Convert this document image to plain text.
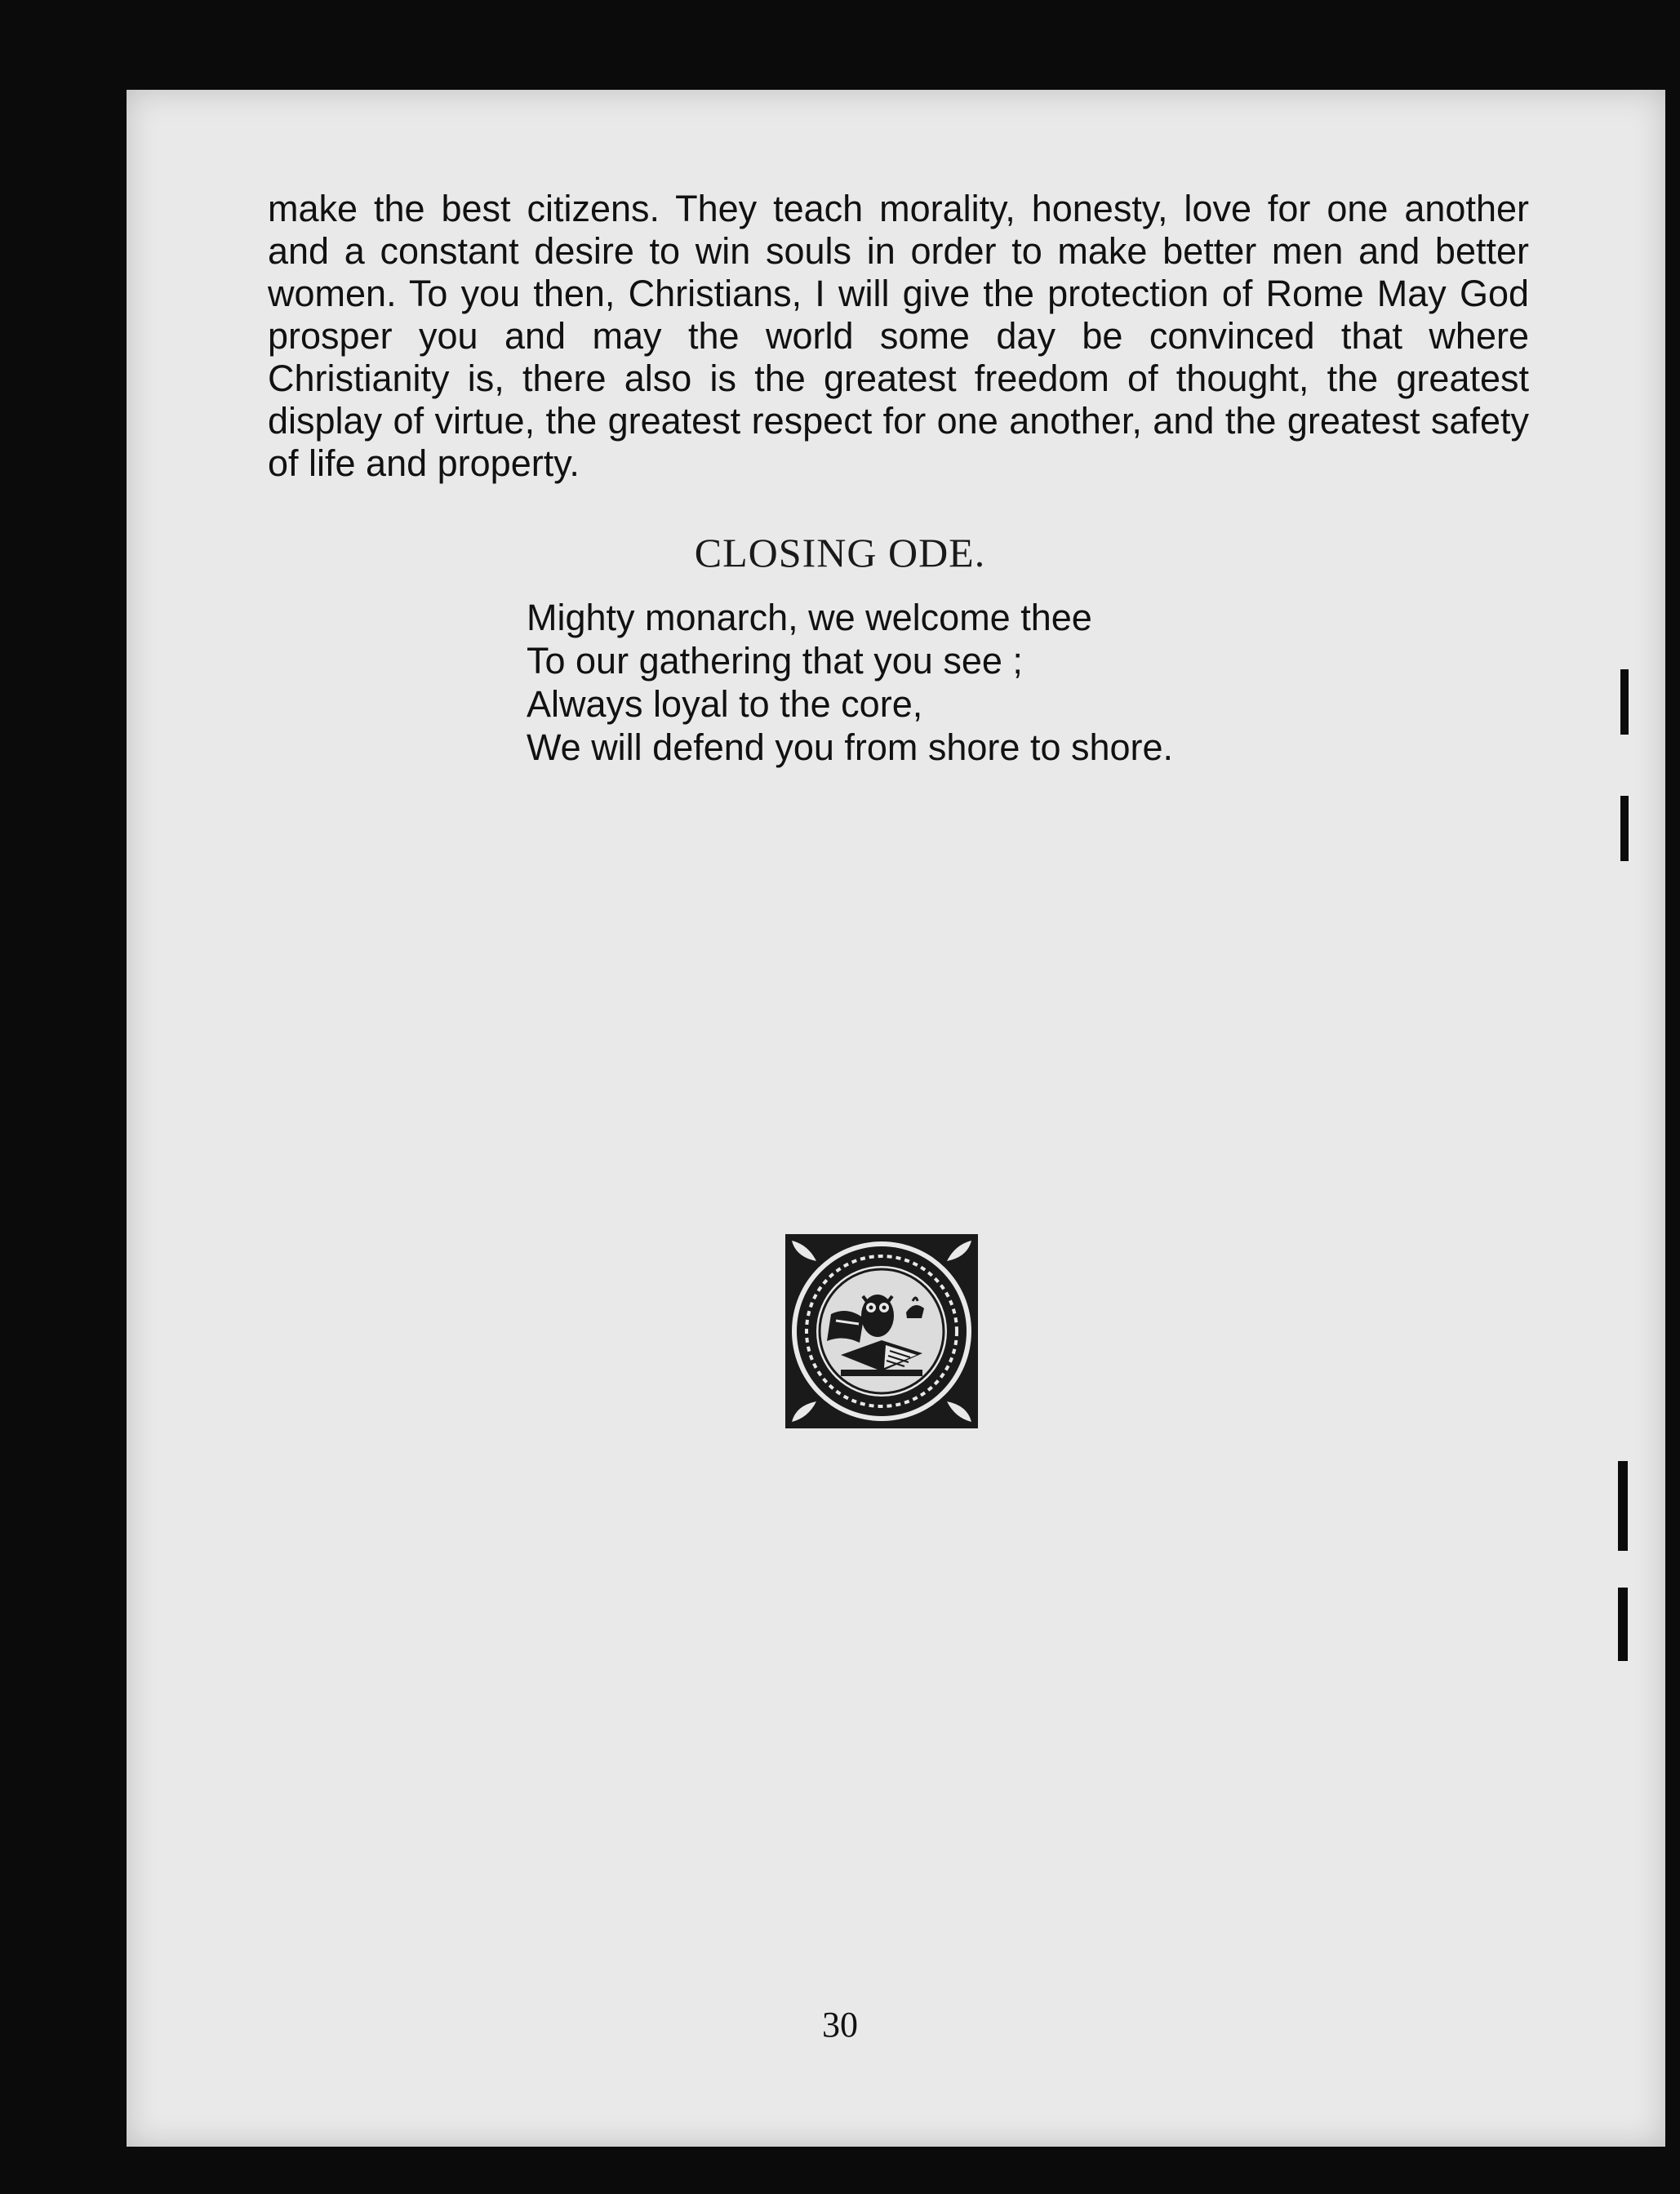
make the best citizens. They teach morality, honesty, love for one another and a constant desire to win souls in order to make better men and better women. To you then, Christians, I will give the protection of Rome May God prosper you and may the world some day be convinced that where Christianity is, there also is the greatest freedom of thought, the greatest display of virtue, the greatest respect for one another, and the greatest safety of life and property.

CLOSING ODE.
Mighty monarch, we welcome thee
To our gathering that you see ;
Always loyal to the core,
We will defend you from shore to shore.
30
